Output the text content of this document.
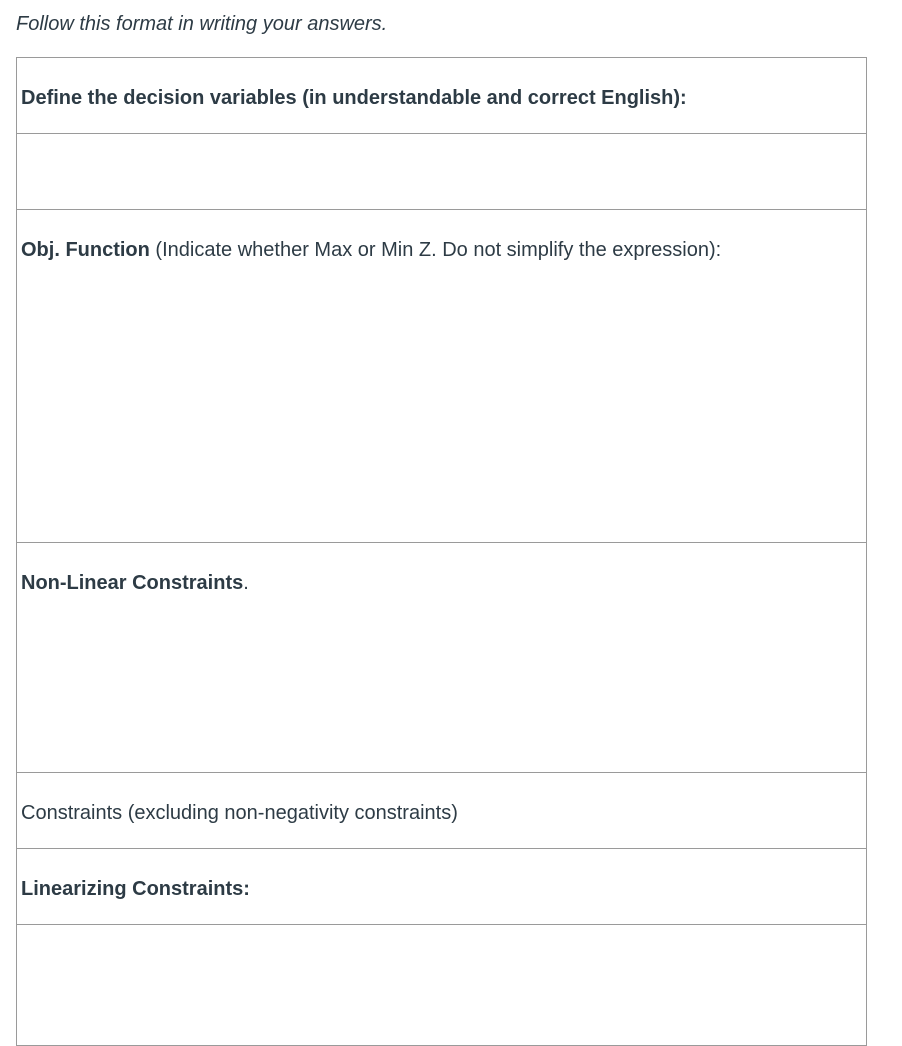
Follow this format in writing your answers.

Define the decision variables (in understandable and correct English):

Obj. Function (Indicate whether Max or Min Z. Do not simplify the expression):

Non-Linear Constraints.

Constraints (excluding non-negativity constraints)

Linearizing Constraints:
